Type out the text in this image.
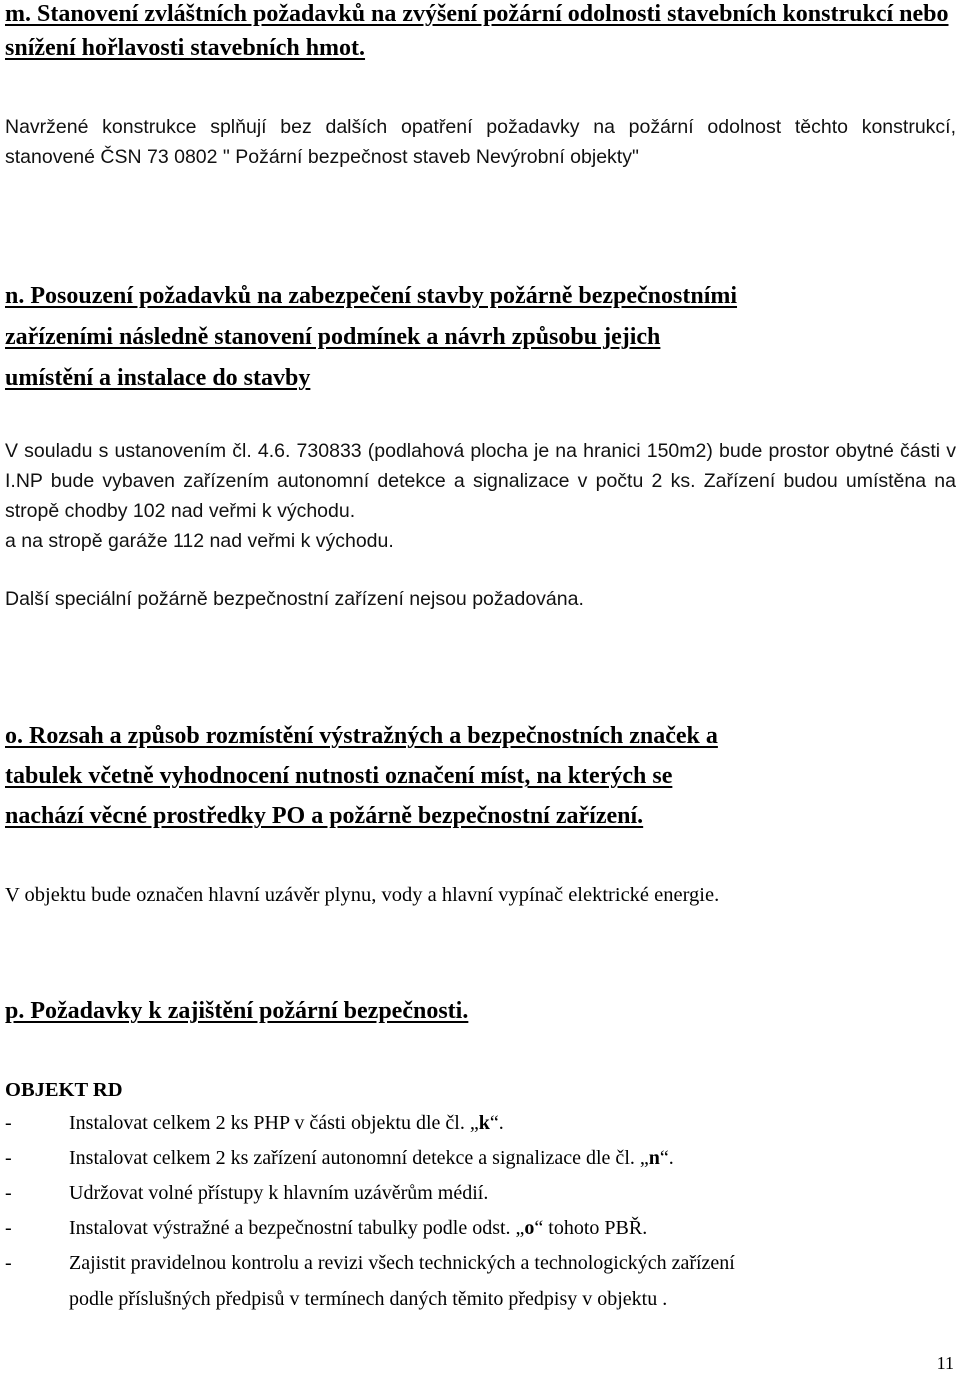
m. Stanovení zvláštních požadavků na zvýšení požární odolnosti stavebních konstrukcí nebo snížení hořlavosti stavebních hmot.

Navržené konstrukce splňují bez dalších opatření požadavky na požární odolnost těchto konstrukcí, stanovené ČSN 73 0802 " Požární bezpečnost staveb Nevýrobní objekty"

n. Posouzení požadavků na zabezpečení stavby požárně bezpečnostními
zařízeními následně stanovení podmínek a návrh způsobu jejich
umístění a instalace do stavby

V souladu s ustanovením čl. 4.6. 730833 (podlahová plocha je na hranici 150m2) bude prostor obytné části v I.NP bude vybaven zařízením autonomní detekce a signalizace v počtu 2 ks. Zařízení budou umístěna na stropě chodby 102 nad veřmi k východu.

a na stropě garáže 112 nad veřmi k východu.

Další speciální požárně bezpečnostní zařízení nejsou požadována.

o. Rozsah a způsob rozmístění výstražných a bezpečnostních značek a
tabulek včetně vyhodnocení nutnosti označení míst, na kterých se
nachází věcné prostředky PO a požárně bezpečnostní zařízení.

V objektu bude označen hlavní uzávěr plynu, vody a hlavní vypínač elektrické energie.

p. Požadavky k zajištění požární bezpečnosti.

OBJEKT RD

-	Instalovat celkem 2 ks PHP v části objektu dle čl. „k“.
-	Instalovat celkem 2 ks zařízení autonomní detekce a signalizace dle čl. „n“.
-	Udržovat volné přístupy k hlavním uzávěrům médií.
-	Instalovat výstražné a bezpečnostní tabulky podle odst. „o“ tohoto PBŘ.
-	Zajistit pravidelnou kontrolu a revizi všech technických a technologických zařízení
podle příslušných předpisů v termínech daných těmito předpisy v objektu .
11
